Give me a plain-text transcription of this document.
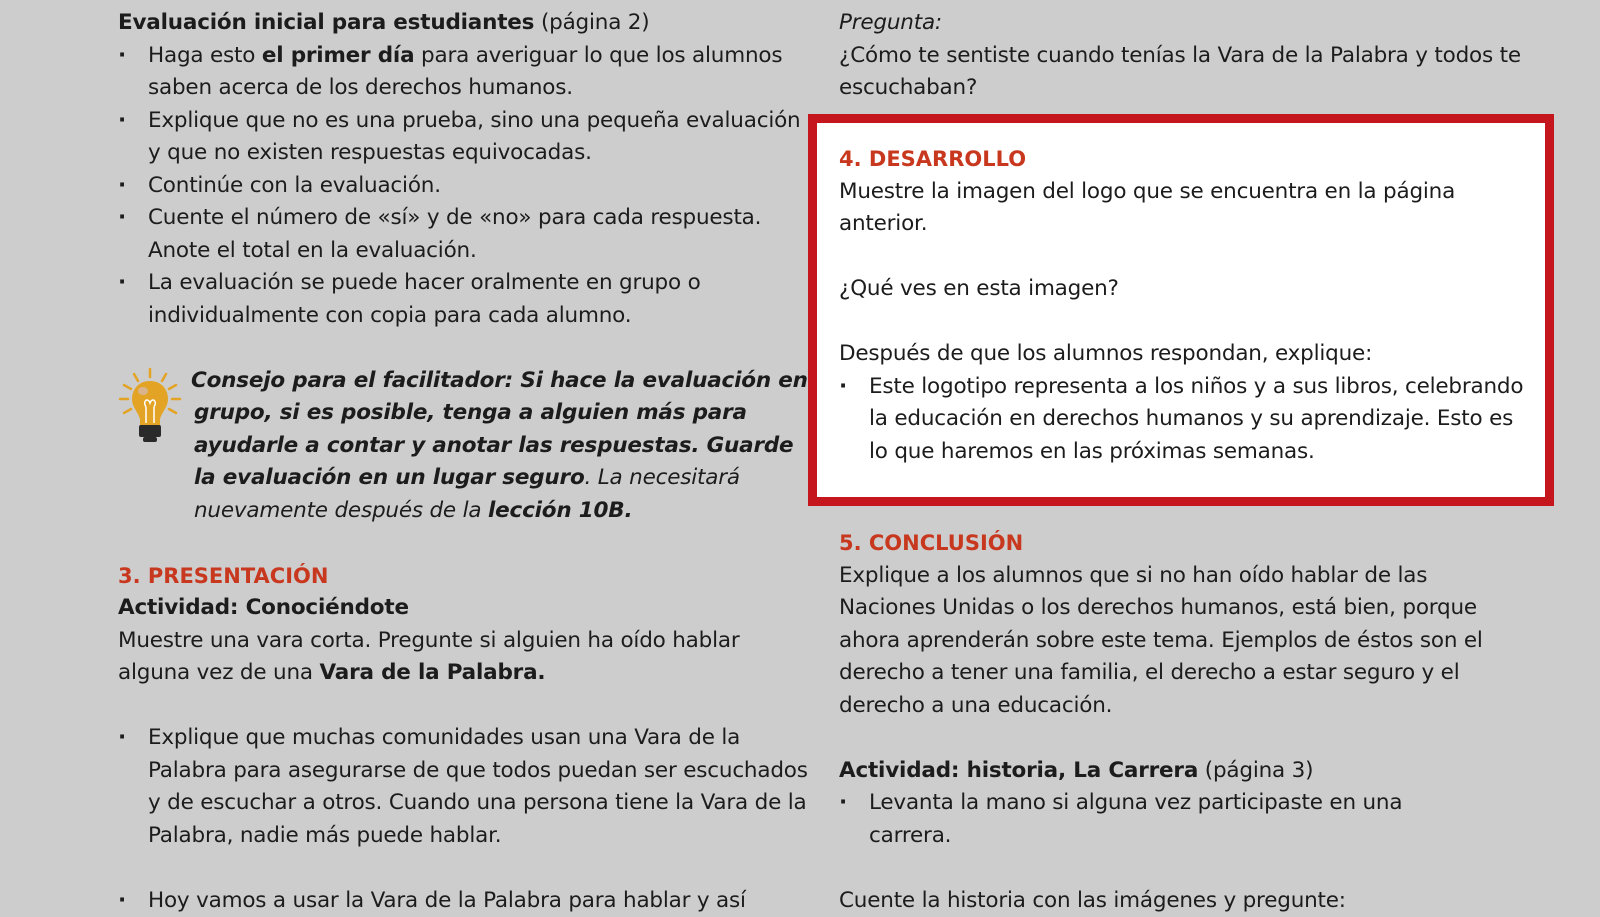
Evaluación inicial para estudiantes (página 2)

· Haga esto el primer día para averiguar lo que los alumnos saben acerca de los derechos humanos.
· Explique que no es una prueba, sino una pequeña evaluación y que no existen respuestas equivocadas.
· Continúe con la evaluación.
· Cuente el número de «sí» y de «no» para cada respuesta. Anote el total en la evaluación.
· La evaluación se puede hacer oralmente en grupo o individualmente con copia para cada alumno.
Consejo para el facilitador: Si hace la evaluación en grupo, si es posible, tenga a alguien más para ayudarle a contar y anotar las respuestas. Guarde la evaluación en un lugar seguro. La necesitará nuevamente después de la lección 10B.

3. PRESENTACIÓN

Actividad: Conociéndote

Muestre una vara corta. Pregunte si alguien ha oído hablar alguna vez de una Vara de la Palabra.

· Explique que muchas comunidades usan una Vara de la Palabra para asegurarse de que todos puedan ser escuchados y de escuchar a otros. Cuando una persona tiene la Vara de la Palabra, nadie más puede hablar.
· Hoy vamos a usar la Vara de la Palabra para hablar y así

Pregunta:

¿Cómo te sentiste cuando tenías la Vara de la Palabra y todos te escuchaban?

4. DESARROLLO

Muestre la imagen del logo que se encuentra en la página anterior.

¿Qué ves en esta imagen?

Después de que los alumnos respondan, explique:

· Este logotipo representa a los niños y a sus libros, celebrando la educación en derechos humanos y su aprendizaje. Esto es lo que haremos en las próximas semanas.

5. CONCLUSIÓN

Explique a los alumnos que si no han oído hablar de las Naciones Unidas o los derechos humanos, está bien, porque ahora aprenderán sobre este tema. Ejemplos de éstos son el derecho a tener una familia, el derecho a estar seguro y el derecho a una educación.

Actividad: historia, La Carrera (página 3)

· Levanta la mano si alguna vez participaste en una carrera.

Cuente la historia con las imágenes y pregunte:
